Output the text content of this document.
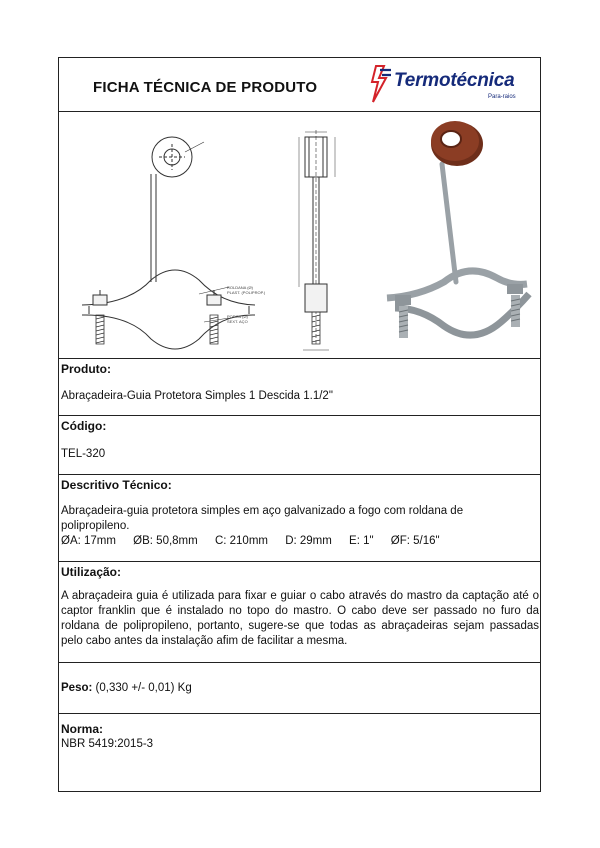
FICHA TÉCNICA DE PRODUTO	Termotécnica
Para-raios
ROLDANA (Ø)
PLAST. (POLIPROP.)
PORCA (Ø)
SEXT. AÇO
Produto:
Abraçadeira-Guia Protetora Simples 1 Descida 1.1/2"
Código:
TEL-320
Descritivo Técnico:
Abraçadeira-guia protetora simples em aço galvanizado a fogo com roldana de
polipropileno.
ØA: 17mm ØB: 50,8mm C: 210mm D: 29mm E: 1" ØF: 5/16"
Utilização:
A abraçadeira guia é utilizada para fixar e guiar o cabo através do mastro da captação até o captor franklin que é instalado no topo do mastro. O cabo deve ser passado no furo da roldana de polipropileno, portanto, sugere-se que todas as abraçadeiras sejam passadas pelo cabo antes da instalação afim de facilitar a mesma.
Peso: (0,330 +/- 0,01) Kg
Norma:
NBR 5419:2015-3
